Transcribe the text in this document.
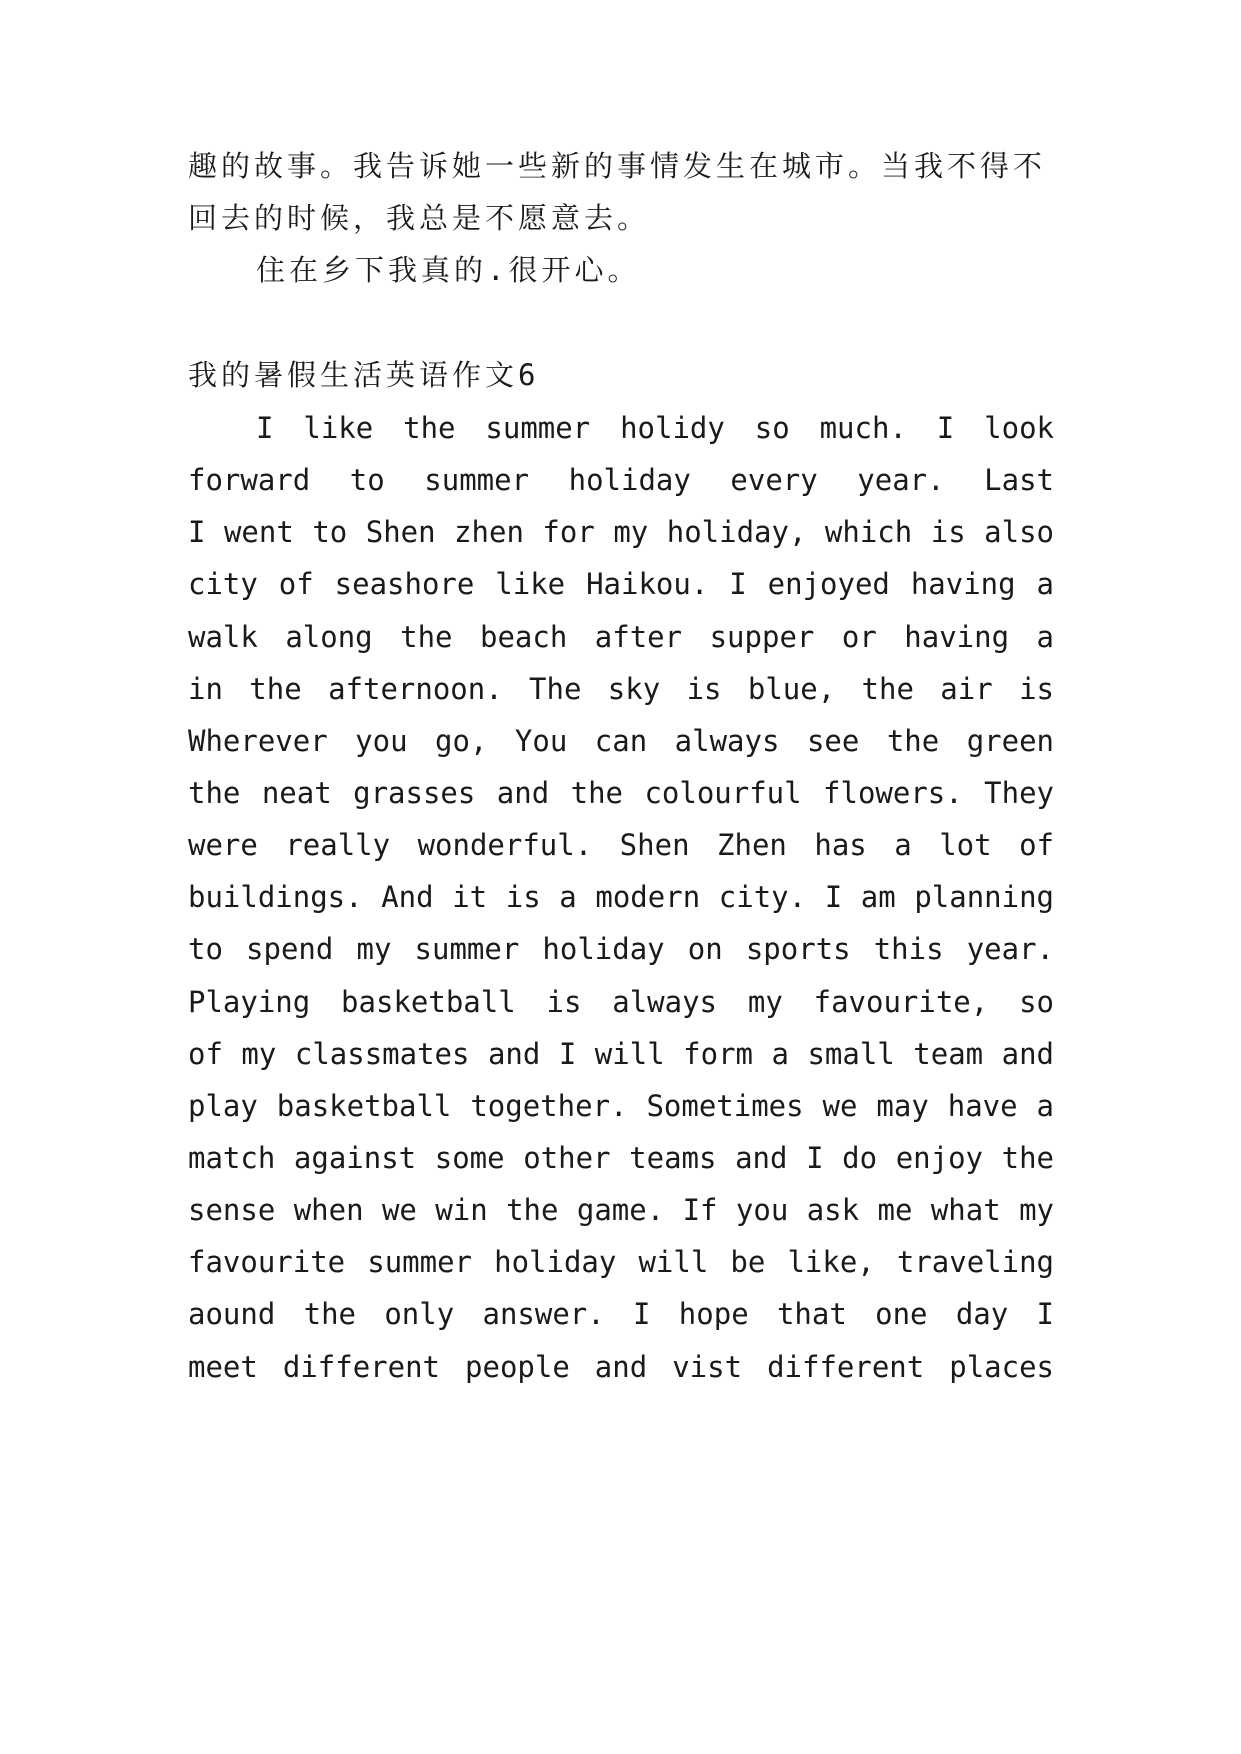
趣的故事。我告诉她一些新的事情发生在城市。当我不得不
回去的时候，我总是不愿意去。
住在乡下我真的.很开心。
我的暑假生活英语作文6
I like the summer holidy so much. I look
forward to summer holiday every year. Last
I went to Shen zhen for my holiday, which is also
city of seashore like Haikou. I enjoyed having a
walk along the beach after supper or having a
in the afternoon. The sky is blue, the air is
Wherever you go, You can always see the green
the neat grasses and the colourful flowers. They
were really wonderful. Shen Zhen has a lot of
buildings. And it is a modern city. I am planning
to spend my summer holiday on sports this year.
Playing basketball is always my favourite, so
of my classmates and I will form a small team and
play basketball together. Sometimes we may have a
match against some other teams and I do enjoy the
sense when we win the game. If you ask me what my
favourite summer holiday will be like, traveling
aound the only answer. I hope that one day I
meet different people and vist different places
